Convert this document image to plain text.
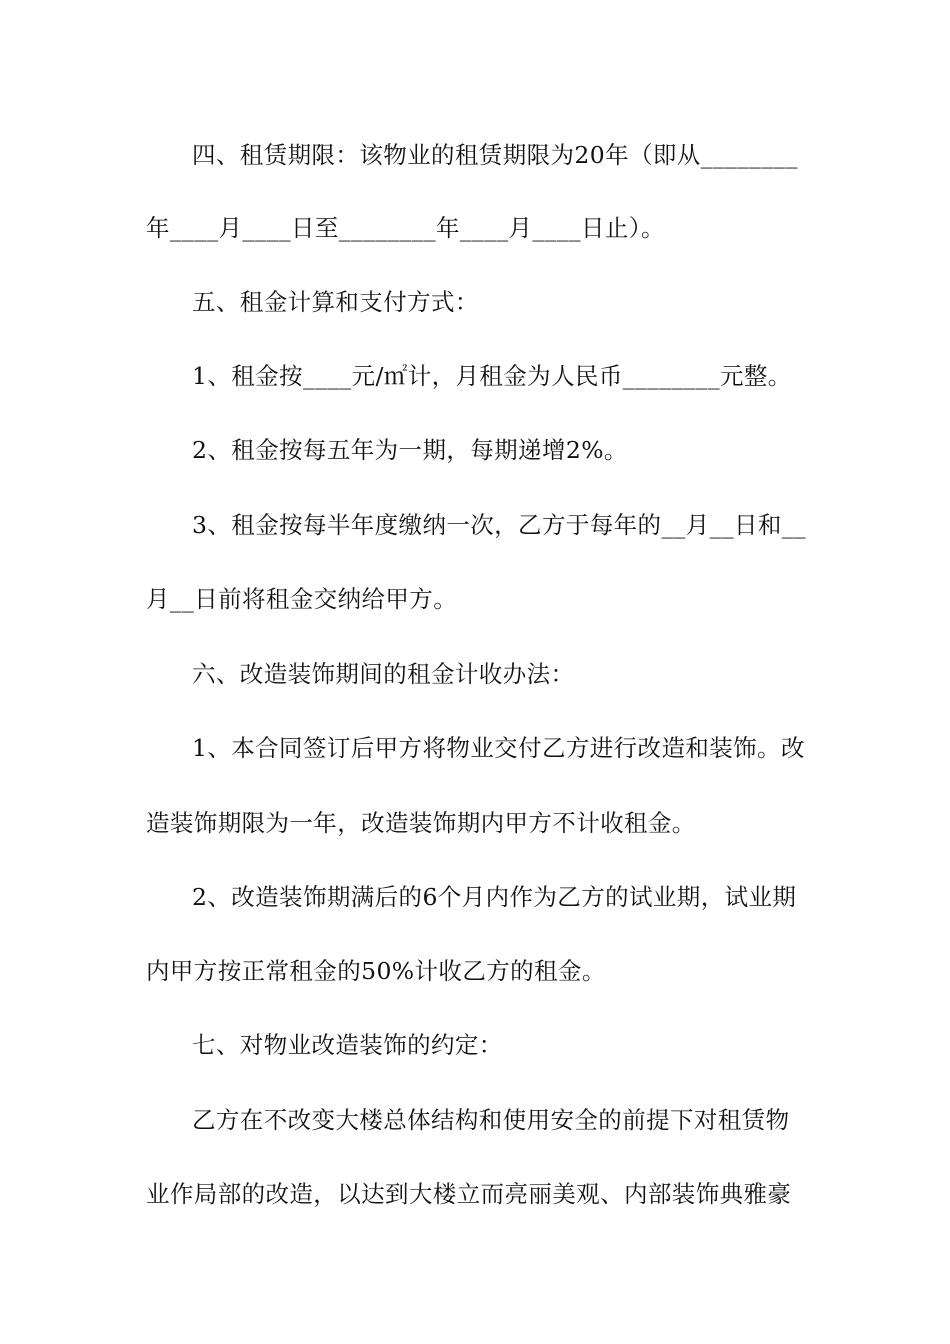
四、租赁期限：该物业的租赁期限为20年（即从________
年____月____日至________年____月____日止）。
五、租金计算和支付方式：
1、租金按____元/㎡计，月租金为人民币________元整。
2、租金按每五年为一期，每期递增2%。
3、租金按每半年度缴纳一次，乙方于每年的__月__日和__
月__日前将租金交纳给甲方。
六、改造装饰期间的租金计收办法：
1、本合同签订后甲方将物业交付乙方进行改造和装饰。改
造装饰期限为一年，改造装饰期内甲方不计收租金。
2、改造装饰期满后的6个月内作为乙方的试业期，试业期
内甲方按正常租金的50%计收乙方的租金。
七、对物业改造装饰的约定：
乙方在不改变大楼总体结构和使用安全的前提下对租赁物
业作局部的改造，以达到大楼立而亮丽美观、内部装饰典雅豪
